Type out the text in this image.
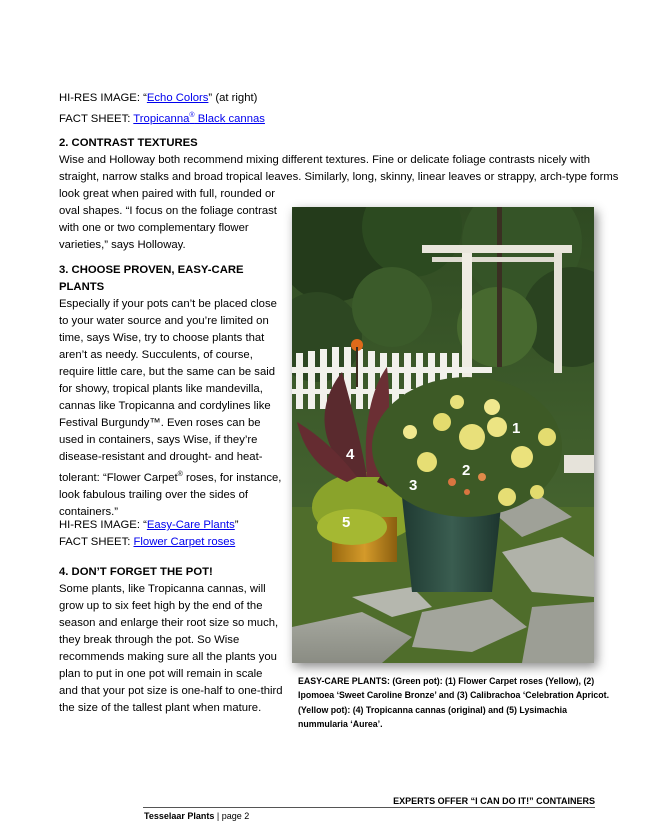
HI-RES IMAGE: “Echo Colors” (at right)
FACT SHEET: Tropicanna® Black cannas
2. CONTRAST TEXTURES
Wise and Holloway both recommend mixing different textures. Fine or delicate foliage contrasts nicely with
straight, narrow stalks and broad tropical leaves. Similarly, long, skinny, linear leaves or strappy, arch-type forms
look great when paired with full, rounded or
oval shapes. “I focus on the foliage contrast
with one or two complementary flower
varieties,” says Holloway.
3. CHOOSE PROVEN, EASY-CARE
PLANTS
Especially if your pots can’t be placed close
to your water source and you’re limited on
time, says Wise, try to choose plants that
aren’t as needy. Succulents, of course,
require little care, but the same can be said
for showy, tropical plants like mandevilla,
cannas like Tropicanna and cordylines like
Festival Burgundy™. Even roses can be
used in containers, says Wise, if they’re
disease-resistant and drought- and heat-
tolerant: “Flower Carpet® roses, for instance,
look fabulous trailing over the sides of
containers.”
HI-RES IMAGE: “Easy-Care Plants”
FACT SHEET: Flower Carpet roses
4. DON’T FORGET THE POT!
Some plants, like Tropicanna cannas, will
grow up to six feet high by the end of the
season and enlarge their root size so much,
they break through the pot. So Wise
recommends making sure all the plants you
plan to put in one pot will remain in scale
and that your pot size is one-half to one-third
the size of the tallest plant when mature.
1
2
3
4
5
EASY-CARE PLANTS: (Green pot): (1) Flower Carpet roses (Yellow), (2)
Ipomoea ‘Sweet Caroline Bronze’ and (3) Calibrachoa ‘Celebration Apricot.
(Yellow pot): (4) Tropicanna cannas (original) and (5) Lysimachia
nummularia ‘Aurea’.
EXPERTS OFFER “I CAN DO IT!” CONTAINERS
Tesselaar Plants | page 2
